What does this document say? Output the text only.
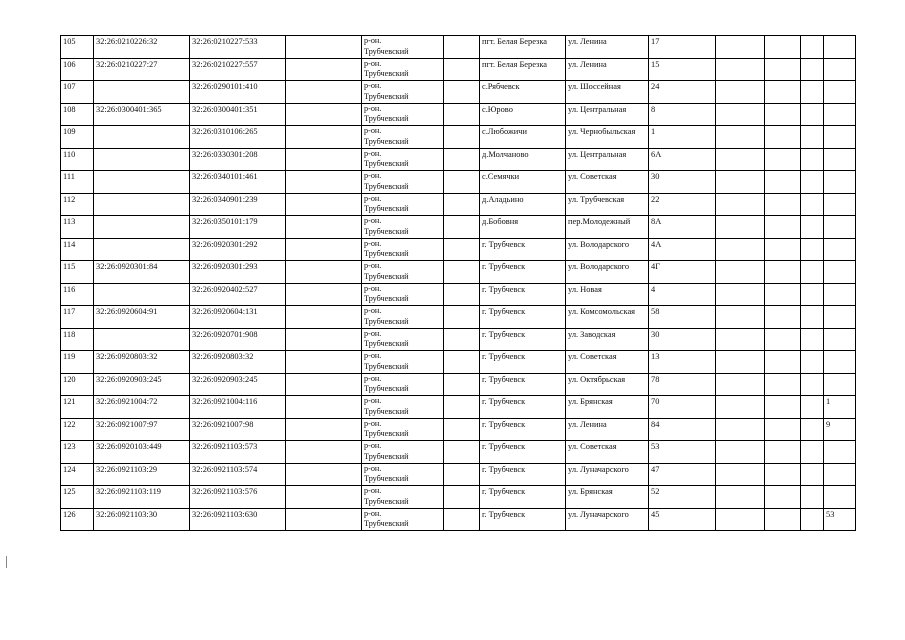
105	32:26:0210226:32	32:26:0210227:533		р-он.
Трубчевский		пгт. Белая Березка	ул. Ленина	17				
106	32:26:0210227:27	32:26:0210227:557		р-он.
Трубчевский		пгт. Белая Березка	ул. Ленина	15				
107		32:26:0290101:410		р-он.
Трубчевский		с.Рябчевск	ул. Шоссейная	24				
108	32:26:0300401:365	32:26:0300401:351		р-он.
Трубчевский		с.Юрово	ул. Центральная	8				
109		32:26:0310106:265		р-он.
Трубчевский		с.Любожичи	ул. Чернобыльская	1				
110		32:26:0330301:208		р-он.
Трубчевский		д.Молчаново	ул. Центральная	6А				
111		32:26:0340101:461		р-он.
Трубчевский		с.Семячки	ул. Советская	30				
112		32:26:0340901:239		р-он.
Трубчевский		д.Аладьино	ул. Трубчевская	22				
113		32:26:0350101:179		р-он.
Трубчевский		д.Бобовня	пер.Молодежный	8А				
114		32:26:0920301:292		р-он.
Трубчевский		г. Трубчевск	ул. Володарского	4А				
115	32:26:0920301:84	32:26:0920301:293		р-он.
Трубчевский		г. Трубчевск	ул. Володарского	4Г				
116		32:26:0920402:527		р-он.
Трубчевский		г. Трубчевск	ул. Новая	4				
117	32:26:0920604:91	32:26:0920604:131		р-он.
Трубчевский		г. Трубчевск	ул. Комсомольская	58				
118		32:26:0920701:908		р-он.
Трубчевский		г. Трубчевск	ул. Заводская	30				
119	32:26:0920803:32	32:26:0920803:32		р-он.
Трубчевский		г. Трубчевск	ул. Советская	13				
120	32:26:0920903:245	32:26:0920903:245		р-он.
Трубчевский		г. Трубчевск	ул. Октябрьская	78				
121	32:26:0921004:72	32:26:0921004:116		р-он.
Трубчевский		г. Трубчевск	ул. Брянская	70				1
122	32:26:0921007:97	32:26:0921007:98		р-он.
Трубчевский		г. Трубчевск	ул. Ленина	84				9
123	32:26:0920103:449	32:26:0921103:573		р-он.
Трубчевский		г. Трубчевск	ул. Советская	53				
124	32:26:0921103:29	32:26:0921103:574		р-он.
Трубчевский		г. Трубчевск	ул. Луначарского	47				
125	32:26:0921103:119	32:26:0921103:576		р-он.
Трубчевский		г. Трубчевск	ул. Брянская	52				
126	32:26:0921103:30	32:26:0921103:630		р-он.
Трубчевский		г. Трубчевск	ул. Луначарского	45				53
